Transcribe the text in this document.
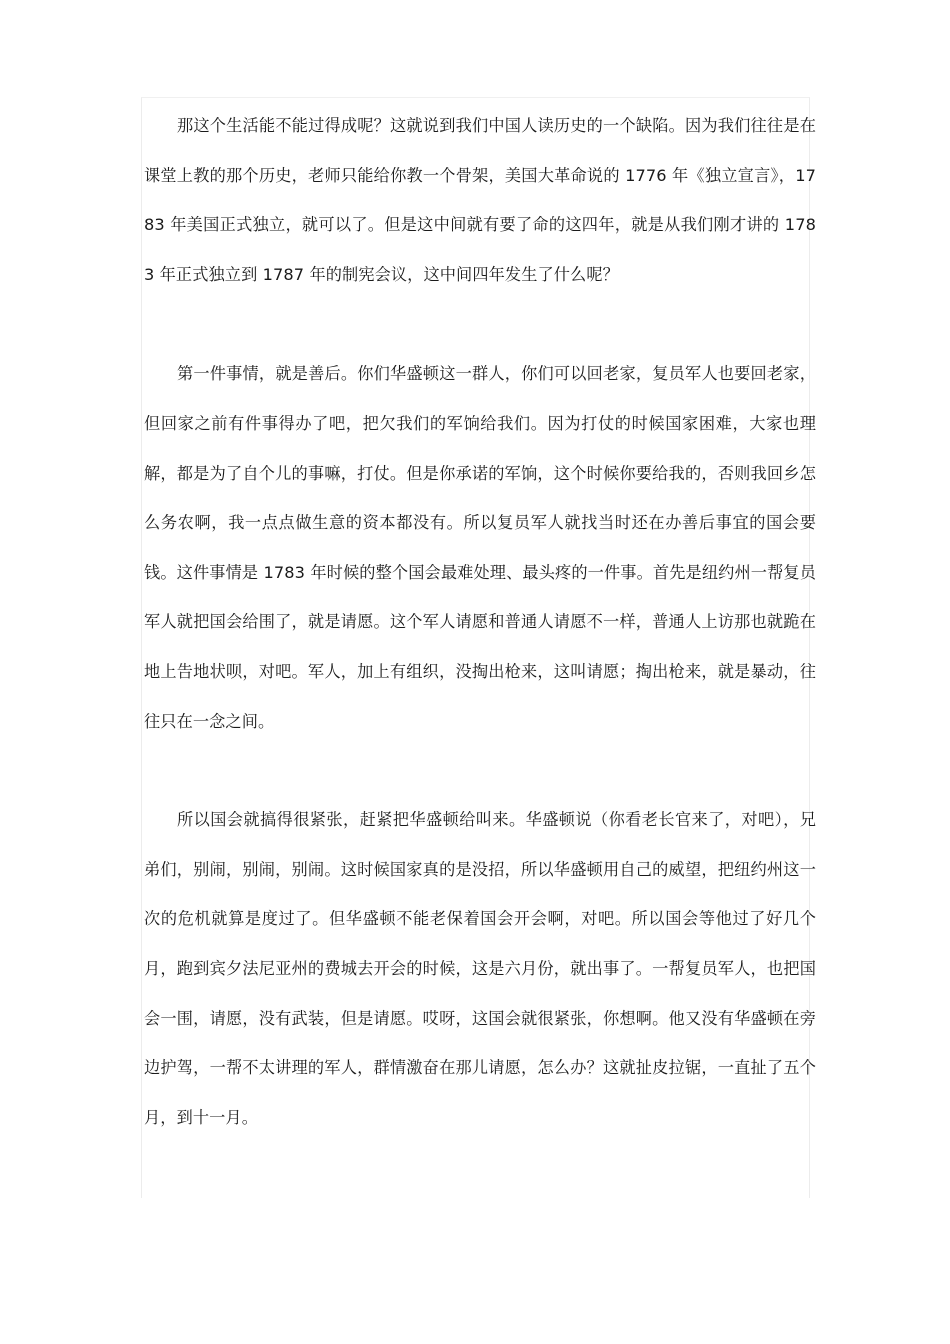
那这个生活能不能过得成呢？这就说到我们中国人读历史的一个缺陷。因为我们往往是在课堂上教的那个历史，老师只能给你教一个骨架，美国大革命说的 1776 年《独立宣言》，1783 年美国正式独立，就可以了。但是这中间就有要了命的这四年，就是从我们刚才讲的 1783 年正式独立到 1787 年的制宪会议，这中间四年发生了什么呢？

第一件事情，就是善后。你们华盛顿这一群人，你们可以回老家，复员军人也要回老家，但回家之前有件事得办了吧，把欠我们的军饷给我们。因为打仗的时候国家困难，大家也理解，都是为了自个儿的事嘛，打仗。但是你承诺的军饷，这个时候你要给我的，否则我回乡怎么务农啊，我一点点做生意的资本都没有。所以复员军人就找当时还在办善后事宜的国会要钱。这件事情是 1783 年时候的整个国会最难处理、最头疼的一件事。首先是纽约州一帮复员军人就把国会给围了，就是请愿。这个军人请愿和普通人请愿不一样，普通人上访那也就跪在地上告地状呗，对吧。军人，加上有组织，没掏出枪来，这叫请愿；掏出枪来，就是暴动，往往只在一念之间。

所以国会就搞得很紧张，赶紧把华盛顿给叫来。华盛顿说（你看老长官来了，对吧），兄弟们，别闹，别闹，别闹。这时候国家真的是没招，所以华盛顿用自己的威望，把纽约州这一次的危机就算是度过了。但华盛顿不能老保着国会开会啊，对吧。所以国会等他过了好几个月，跑到宾夕法尼亚州的费城去开会的时候，这是六月份，就出事了。一帮复员军人，也把国会一围，请愿，没有武装，但是请愿。哎呀，这国会就很紧张，你想啊。他又没有华盛顿在旁边护驾，一帮不太讲理的军人，群情激奋在那儿请愿，怎么办？这就扯皮拉锯，一直扯了五个月，到十一月。
